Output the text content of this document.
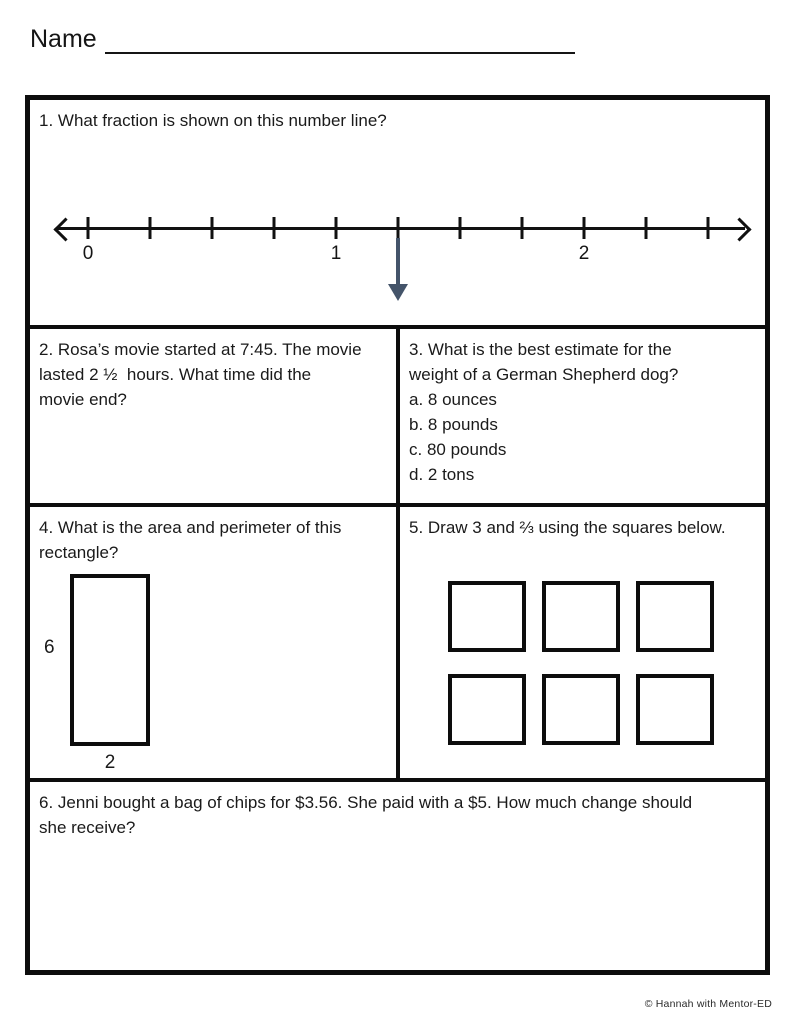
Name
1. What fraction is shown on this number line?
0	1	2
2. Rosa’s movie started at 7:45. The movie
lasted 2 ½  hours. What time did the
movie end?
3. What is the best estimate for the
weight of a German Shepherd dog?
a. 8 ounces
b. 8 pounds
c. 80 pounds
d. 2 tons
4. What is the area and perimeter of this
rectangle?
6
2
5. Draw 3 and ⅔ using the squares below.
6. Jenni bought a bag of chips for $3.56. She paid with a $5. How much change should
she receive?
© Hannah with Mentor-ED
